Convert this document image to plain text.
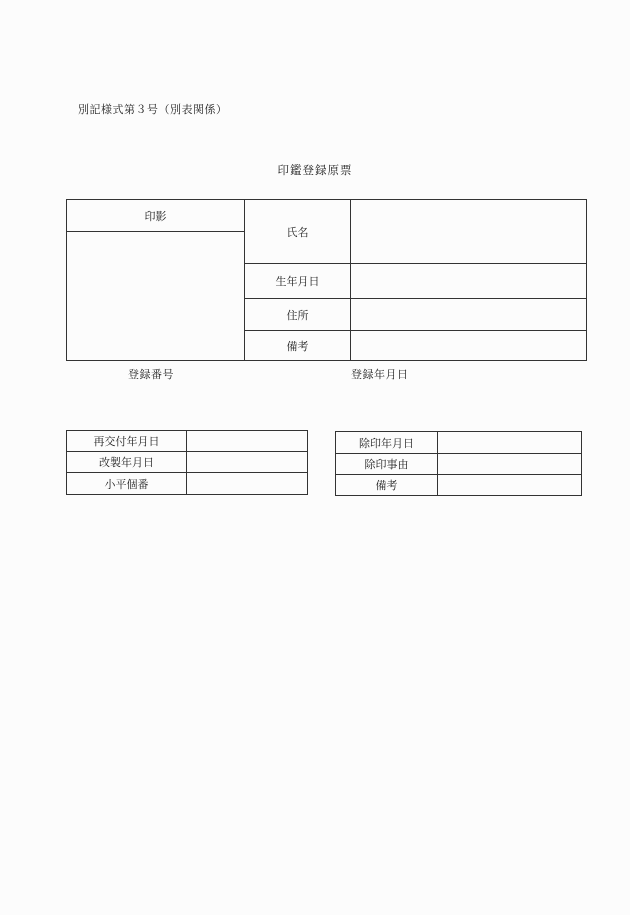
別記様式第３号（別表関係）
印鑑登録原票
印影
氏名
生年月日
住所
備考
登録番号	登録年月日
再交付年月日
改製年月日
小平個番
除印年月日
除印事由
備考
